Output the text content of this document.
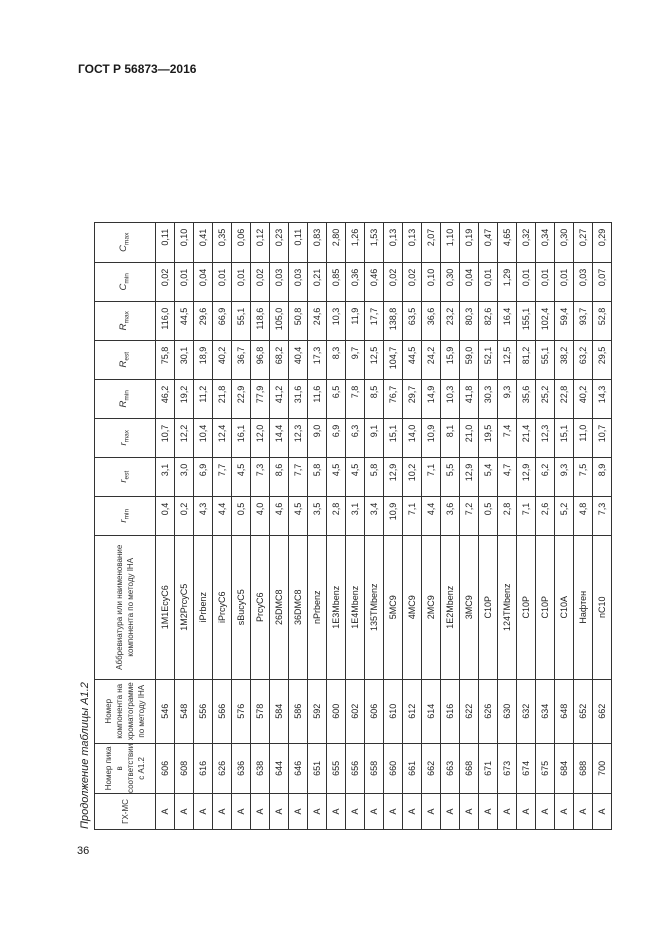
ГОСТ Р 56873—2016
Продолжение таблицы А1.2	ГХ-МС	Номер пика в соответствии с А1.2	Номер компонента на хроматограмме по методу IHA	Аббревиатура или наименование компонента по методу IHA	$r_{min}$	$r_{est}$	$r_{max}$	$R_{min}$	$R_{est}$	$R_{max}$	$C_{min}$	$C_{max}$
А	606	546	1M1EcyC6	0,4	3,1	10,7	46,2	75,8	116,0	0,02	0,11
А	608	548	1M2PrcyC5	0,2	3,0	12,2	19,2	30,1	44,5	0,01	0,10
А	616	556	iPrbenz	4,3	6,9	10,4	11,2	18,9	29,6	0,04	0,41
А	626	566	iPrcyC6	4,4	7,7	12,4	21,8	40,2	66,9	0,01	0,35
А	636	576	sBucyC5	0,5	4,5	16,1	22,9	36,7	55,1	0,01	0,06
А	638	578	PrcyC6	4,0	7,3	12,0	77,9	96,8	118,6	0,02	0,12
А	644	584	26DMC8	4,6	8,6	14,4	41,2	68,2	105,0	0,03	0,23
А	646	586	36DMC8	4,5	7,7	12,3	31,6	40,4	50,8	0,03	0,11
А	651	592	nPrbenz	3,5	5,8	9,0	11,6	17,3	24,6	0,21	0,83
А	655	600	1E3Mbenz	2,8	4,5	6,9	6,5	8,3	10,3	0,85	2,80
А	656	602	1E4Mbenz	3,1	4,5	6,3	7,8	9,7	11,9	0,36	1,26
А	658	606	135TMbenz	3,4	5,8	9,1	8,5	12,5	17,7	0,46	1,53
А	660	610	5MC9	10,9	12,9	15,1	76,7	104,7	138,8	0,02	0,13
А	661	612	4MC9	7,1	10,2	14,0	29,7	44,5	63,5	0,02	0,13
А	662	614	2MC9	4,4	7,1	10,9	14,9	24,2	36,6	0,10	2,07
А	663	616	1E2Mbenz	3,6	5,5	8,1	10,3	15,9	23,2	0,30	1,10
А	668	622	3MC9	7,2	12,9	21,0	41,8	59,0	80,3	0,04	0,19
А	671	626	C10P	0,5	5,4	19,5	30,3	52,1	82,6	0,01	0,47
А	673	630	124TMbenz	2,8	4,7	7,4	9,3	12,5	16,4	1,29	4,65
А	674	632	C10P	7,1	12,9	21,4	35,6	81,2	155,1	0,01	0,32
А	675	634	C10P	2,6	6,2	12,3	25,2	55,1	102,4	0,01	0,34
А	684	648	C10A	5,2	9,3	15,1	22,8	38,2	59,4	0,01	0,30
А	688	652	Нафтен	4,8	7,5	11,0	40,2	63,2	93,7	0,03	0,27
А	700	662	nC10	7,3	8,9	10,7	14,3	29,5	52,8	0,07	0,29
36
